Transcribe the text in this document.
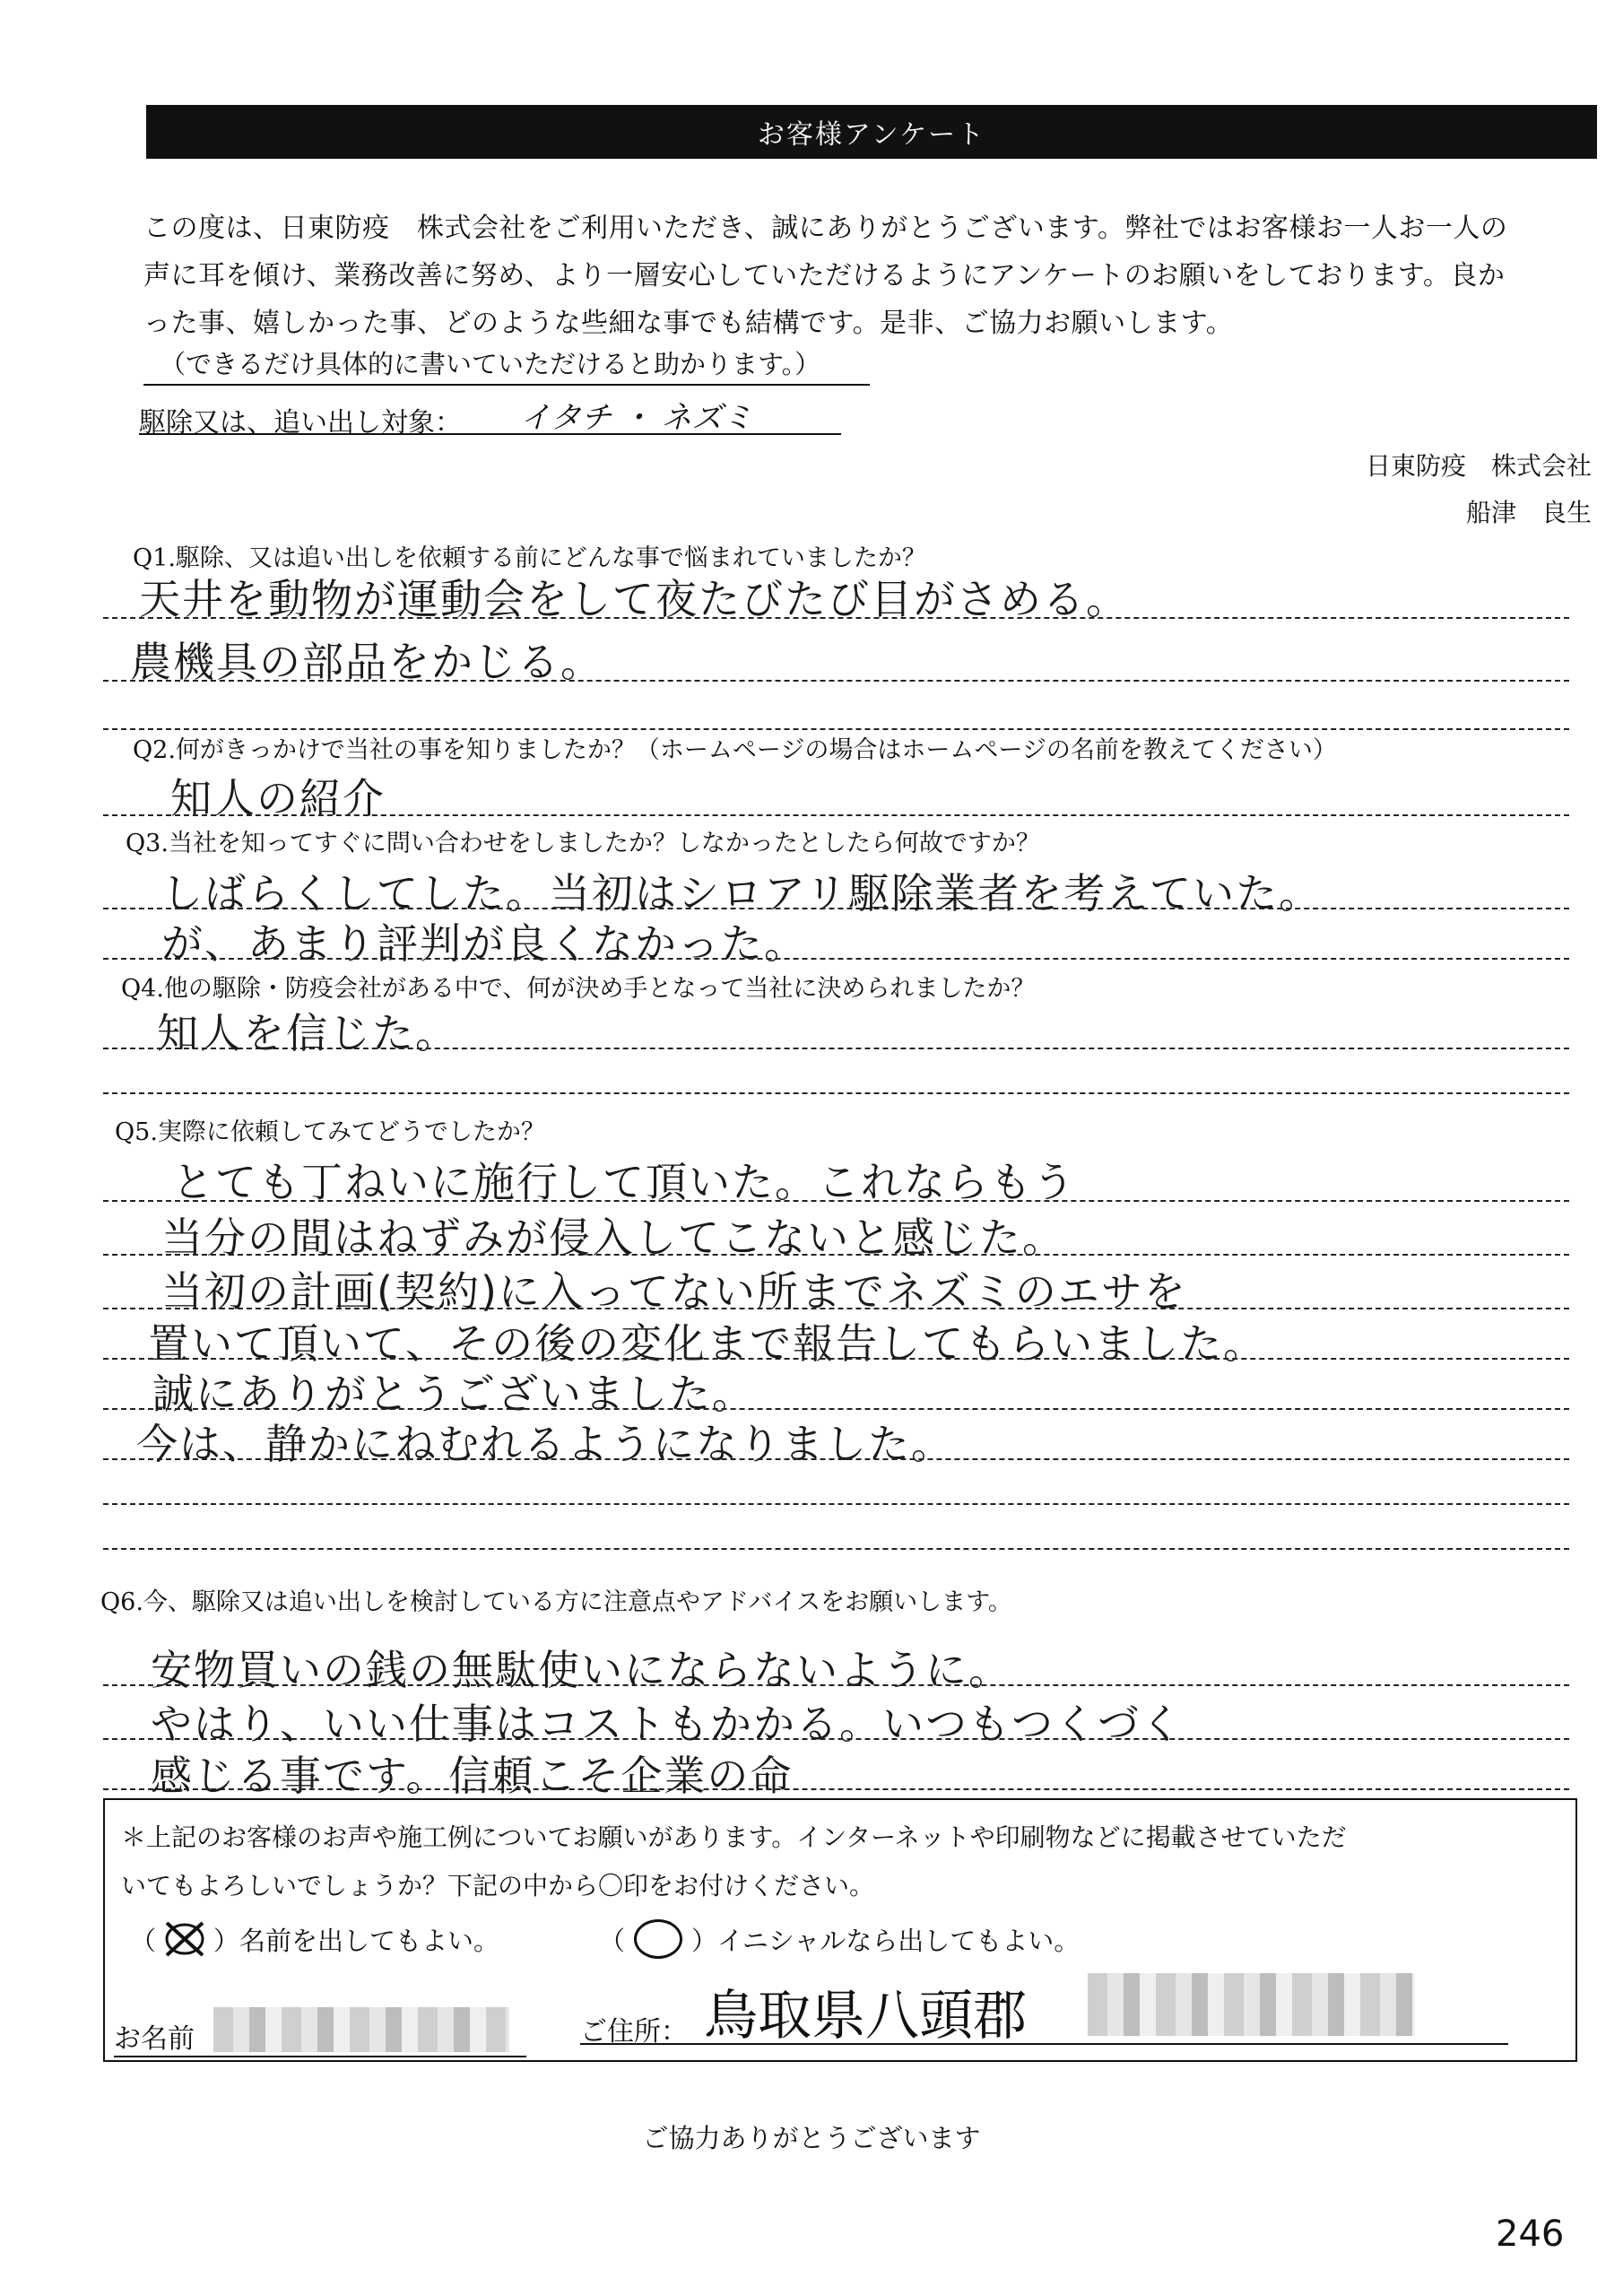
お客様アンケート

この度は、日東防疫　株式会社をご利用いただき、誠にありがとうございます。弊社ではお客様お一人お一人の

声に耳を傾け、業務改善に努め、より一層安心していただけるようにアンケートのお願いをしております。良か

った事、嬉しかった事、どのような些細な事でも結構です。是非、ご協力お願いします。

（できるだけ具体的に書いていただけると助かります。）
駆除又は、追い出し対象： イタチ ・ ネズミ
日東防疫　株式会社
船津　良生
Q1.駆除、又は追い出しを依頼する前にどんな事で悩まれていましたか？
天井を動物が運動会をして夜たびたび目がさめる。
農機具の部品をかじる。
Q2.何がきっかけで当社の事を知りましたか？（ホームページの場合はホームページの名前を教えてください）
知人の紹介
Q3.当社を知ってすぐに問い合わせをしましたか？しなかったとしたら何故ですか？
しばらくしてした。当初はシロアリ駆除業者を考えていた。
が、あまり評判が良くなかった。
Q4.他の駆除・防疫会社がある中で、何が決め手となって当社に決められましたか？
知人を信じた。
Q5.実際に依頼してみてどうでしたか？
とても丁ねいに施行して頂いた。これならもう
当分の間はねずみが侵入してこないと感じた。
当初の計画(契約)に入ってない所までネズミのエサを
置いて頂いて、その後の変化まで報告してもらいました。
誠にありがとうございました。
今は、静かにねむれるようになりました。
Q6.今、駆除又は追い出しを検討している方に注意点やアドバイスをお願いします。
安物買いの銭の無駄使いにならないように。
やはり、いい仕事はコストもかかる。いつもつくづく
感じる事です。信頼こそ企業の命

＊上記のお客様のお声や施工例についてお願いがあります。インターネットや印刷物などに掲載させていただ

いてもよろしいでしょうか？下記の中から〇印をお付けください。

（ ） 名前を出してもよい。	（ ○ ） イニシャルなら出してもよい。
お名前	ご住所： 鳥取県八頭郡
ご協力ありがとうございます
246
